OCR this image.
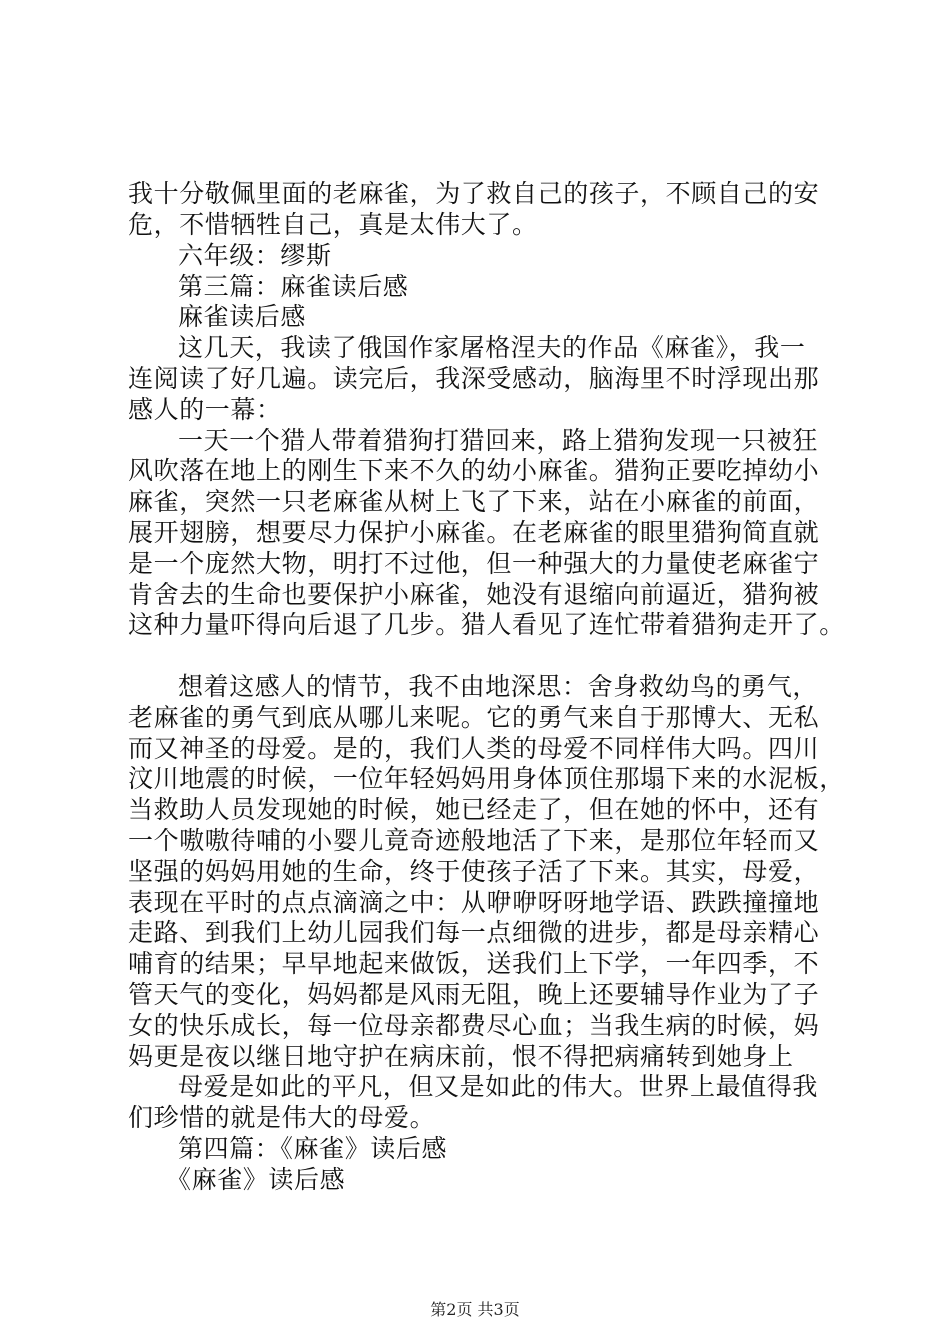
我十分敬佩里面的老麻雀，为了救自己的孩子，不顾自己的安
危，不惜牺牲自己，真是太伟大了。
六年级：缪斯
第三篇：麻雀读后感
麻雀读后感
这几天，我读了俄国作家屠格涅夫的作品《麻雀》，我一
连阅读了好几遍。读完后，我深受感动，脑海里不时浮现出那
感人的一幕：
一天一个猎人带着猎狗打猎回来，路上猎狗发现一只被狂
风吹落在地上的刚生下来不久的幼小麻雀。猎狗正要吃掉幼小
麻雀，突然一只老麻雀从树上飞了下来，站在小麻雀的前面，
展开翅膀，想要尽力保护小麻雀。在老麻雀的眼里猎狗简直就
是一个庞然大物，明打不过他，但一种强大的力量使老麻雀宁
肯舍去的生命也要保护小麻雀，她没有退缩向前逼近，猎狗被
这种力量吓得向后退了几步。猎人看见了连忙带着猎狗走开了。
想着这感人的情节，我不由地深思：舍身救幼鸟的勇气，
老麻雀的勇气到底从哪儿来呢。它的勇气来自于那博大、无私
而又神圣的母爱。是的，我们人类的母爱不同样伟大吗。四川
汶川地震的时候，一位年轻妈妈用身体顶住那塌下来的水泥板，
当救助人员发现她的时候，她已经走了，但在她的怀中，还有
一个嗷嗷待哺的小婴儿竟奇迹般地活了下来，是那位年轻而又
坚强的妈妈用她的生命，终于使孩子活了下来。其实，母爱，
表现在平时的点点滴滴之中：从咿咿呀呀地学语、跌跌撞撞地
走路、到我们上幼儿园我们每一点细微的进步，都是母亲精心
哺育的结果；早早地起来做饭，送我们上下学，一年四季，不
管天气的变化，妈妈都是风雨无阻，晚上还要辅导作业为了子
女的快乐成长，每一位母亲都费尽心血；当我生病的时候，妈
妈更是夜以继日地守护在病床前，恨不得把病痛转到她身上
母爱是如此的平凡，但又是如此的伟大。世界上最值得我
们珍惜的就是伟大的母爱。
第四篇：《麻雀》读后感
《麻雀》读后感
第2页 共3页
